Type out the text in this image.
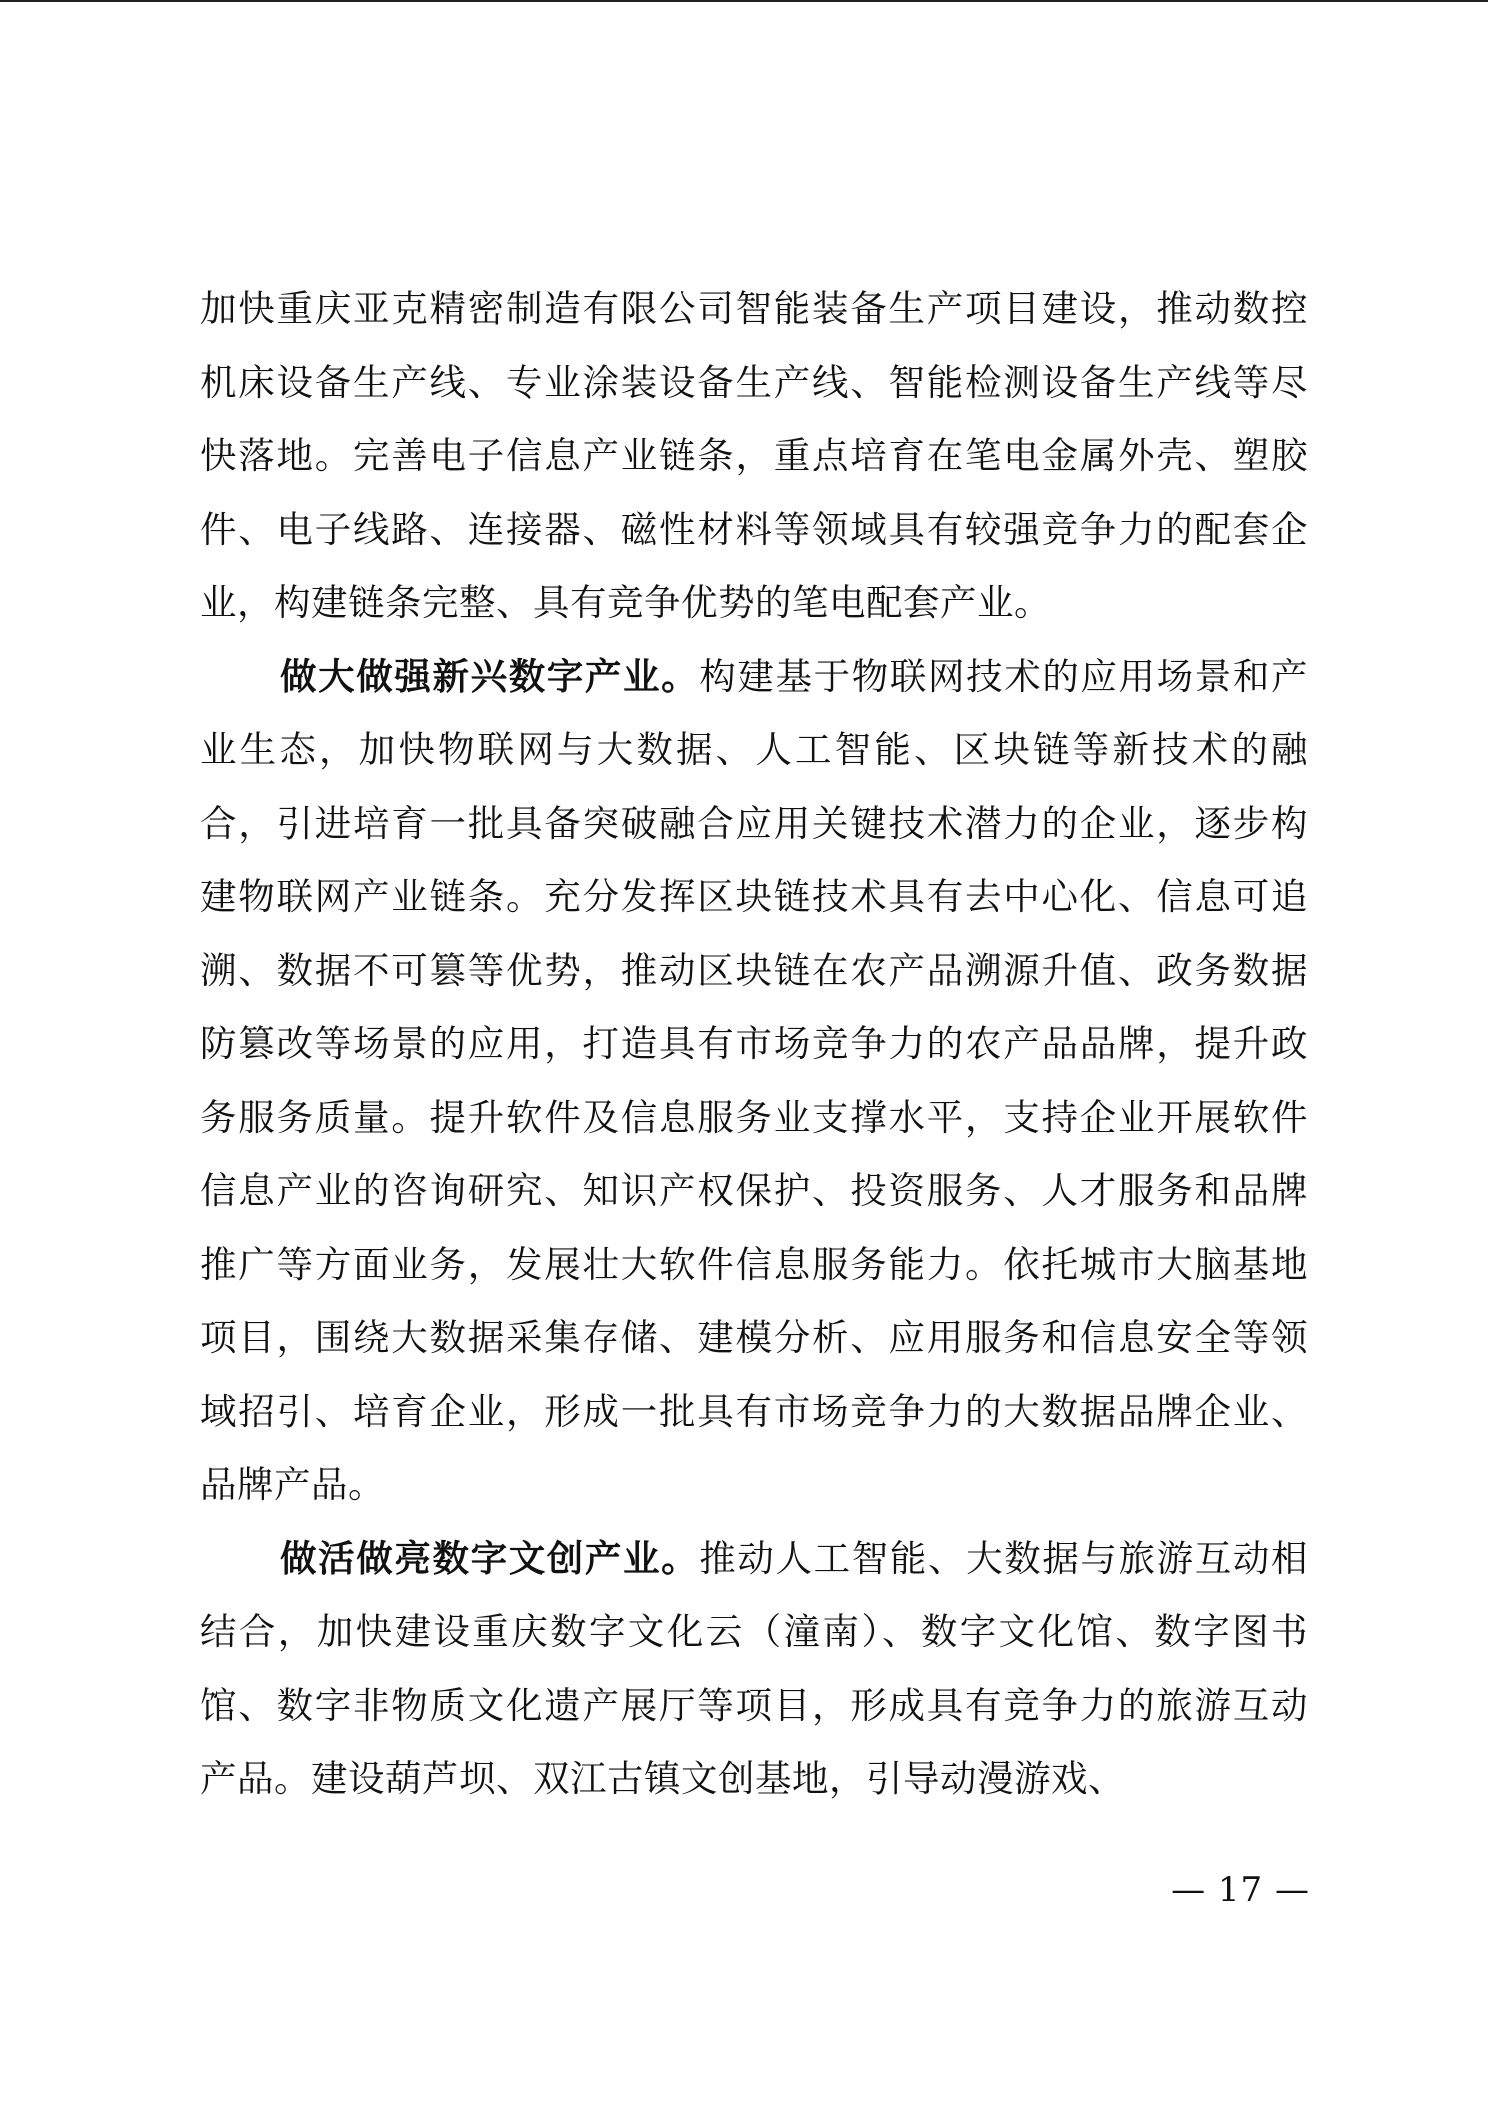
加快重庆亚克精密制造有限公司智能装备生产项目建设，推动数控机床设备生产线、专业涂装设备生产线、智能检测设备生产线等尽快落地。完善电子信息产业链条，重点培育在笔电金属外壳、塑胶件、电子线路、连接器、磁性材料等领域具有较强竞争力的配套企业，构建链条完整、具有竞争优势的笔电配套产业。

做大做强新兴数字产业。构建基于物联网技术的应用场景和产业生态，加快物联网与大数据、人工智能、区块链等新技术的融合，引进培育一批具备突破融合应用关键技术潜力的企业，逐步构建物联网产业链条。充分发挥区块链技术具有去中心化、信息可追溯、数据不可篡等优势，推动区块链在农产品溯源升值、政务数据防篡改等场景的应用，打造具有市场竞争力的农产品品牌，提升政务服务质量。提升软件及信息服务业支撑水平，支持企业开展软件信息产业的咨询研究、知识产权保护、投资服务、人才服务和品牌推广等方面业务，发展壮大软件信息服务能力。依托城市大脑基地项目，围绕大数据采集存储、建模分析、应用服务和信息安全等领域招引、培育企业，形成一批具有市场竞争力的大数据品牌企业、品牌产品。

做活做亮数字文创产业。推动人工智能、大数据与旅游互动相结合，加快建设重庆数字文化云（潼南）、数字文化馆、数字图书馆、数字非物质文化遗产展厅等项目，形成具有竞争力的旅游互动产品。建设葫芦坝、双江古镇文创基地，引导动漫游戏、

— 17 —
